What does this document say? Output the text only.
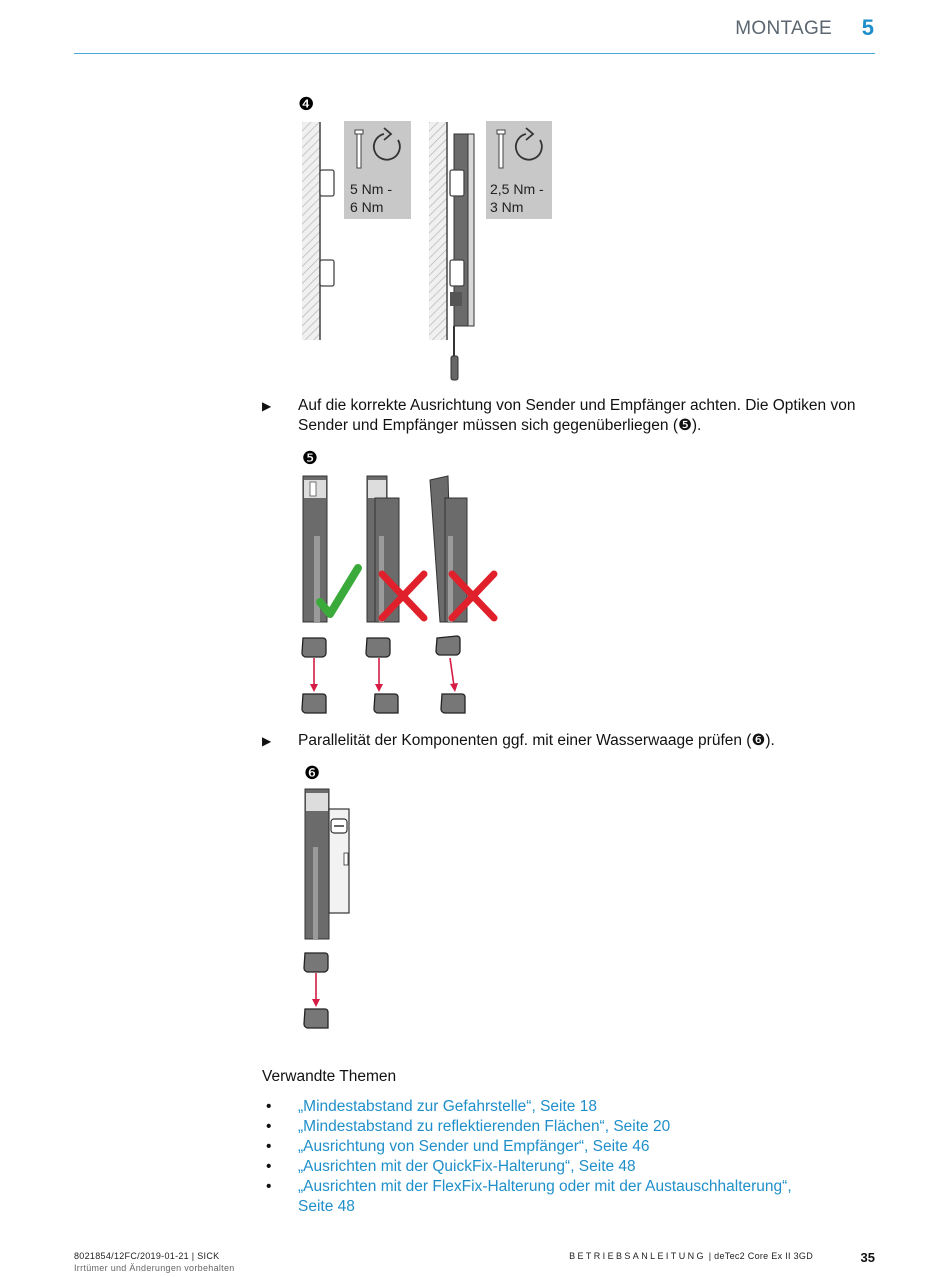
MONTAGE 5
❹
5 Nm -
6 Nm
2,5 Nm -
3 Nm
▶ Auf die korrekte Ausrichtung von Sender und Empfänger achten. Die Optiken von Sender und Empfänger müssen sich gegenüberliegen (❺).
❺
▶ Parallelität der Komponenten ggf. mit einer Wasserwaage prüfen (❻).
❻
Verwandte Themen
• „Mindestabstand zur Gefahrstelle“, Seite 18
• „Mindestabstand zu reflektierenden Flächen“, Seite 20
• „Ausrichtung von Sender und Empfänger“, Seite 46
• „Ausrichten mit der QuickFix-Halterung“, Seite 48
• „Ausrichten mit der FlexFix-Halterung oder mit der Austauschhalterung“, Seite 48
8021854/12FC/2019-01-21 | SICK
Irrtümer und Änderungen vorbehalten
BETRIEBSANLEITUNG | deTec2 Core Ex II 3GD	35
